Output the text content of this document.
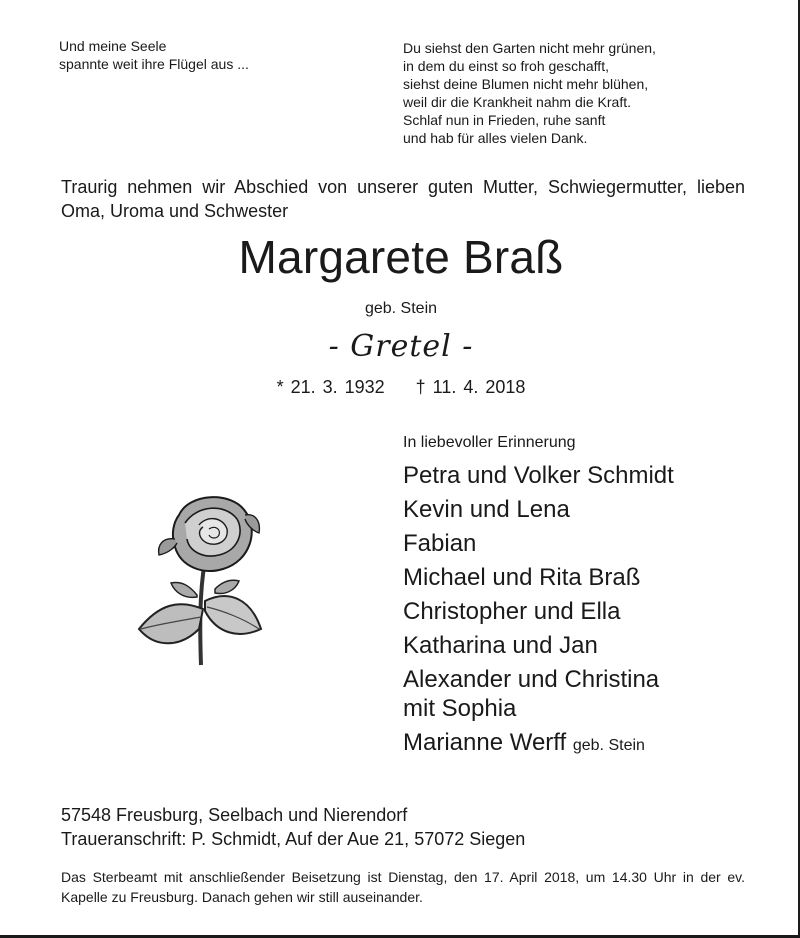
Und meine Seele
spannte weit ihre Flügel aus ...
Du siehst den Garten nicht mehr grünen,
in dem du einst so froh geschafft,
siehst deine Blumen nicht mehr blühen,
weil dir die Krankheit nahm die Kraft.
Schlaf nun in Frieden, ruhe sanft
und hab für alles vielen Dank.
Traurig nehmen wir Abschied von unserer guten Mutter, Schwiegermutter, lieben Oma, Uroma und Schwester
Margarete Braß
geb. Stein
- Gretel -
* 21. 3. 1932 † 11. 4. 2018
In liebevoller Erinnerung
Petra und Volker Schmidt
Kevin und Lena
Fabian
Michael und Rita Braß
Christopher und Ella
Katharina und Jan
Alexander und Christina
mit Sophia
Marianne Werff geb. Stein
57548 Freusburg, Seelbach und Nierendorf
Traueranschrift: P. Schmidt, Auf der Aue 21, 57072 Siegen
Das Sterbeamt mit anschließender Beisetzung ist Dienstag, den 17. April 2018, um 14.30 Uhr in der ev. Kapelle zu Freusburg. Danach gehen wir still auseinander.
